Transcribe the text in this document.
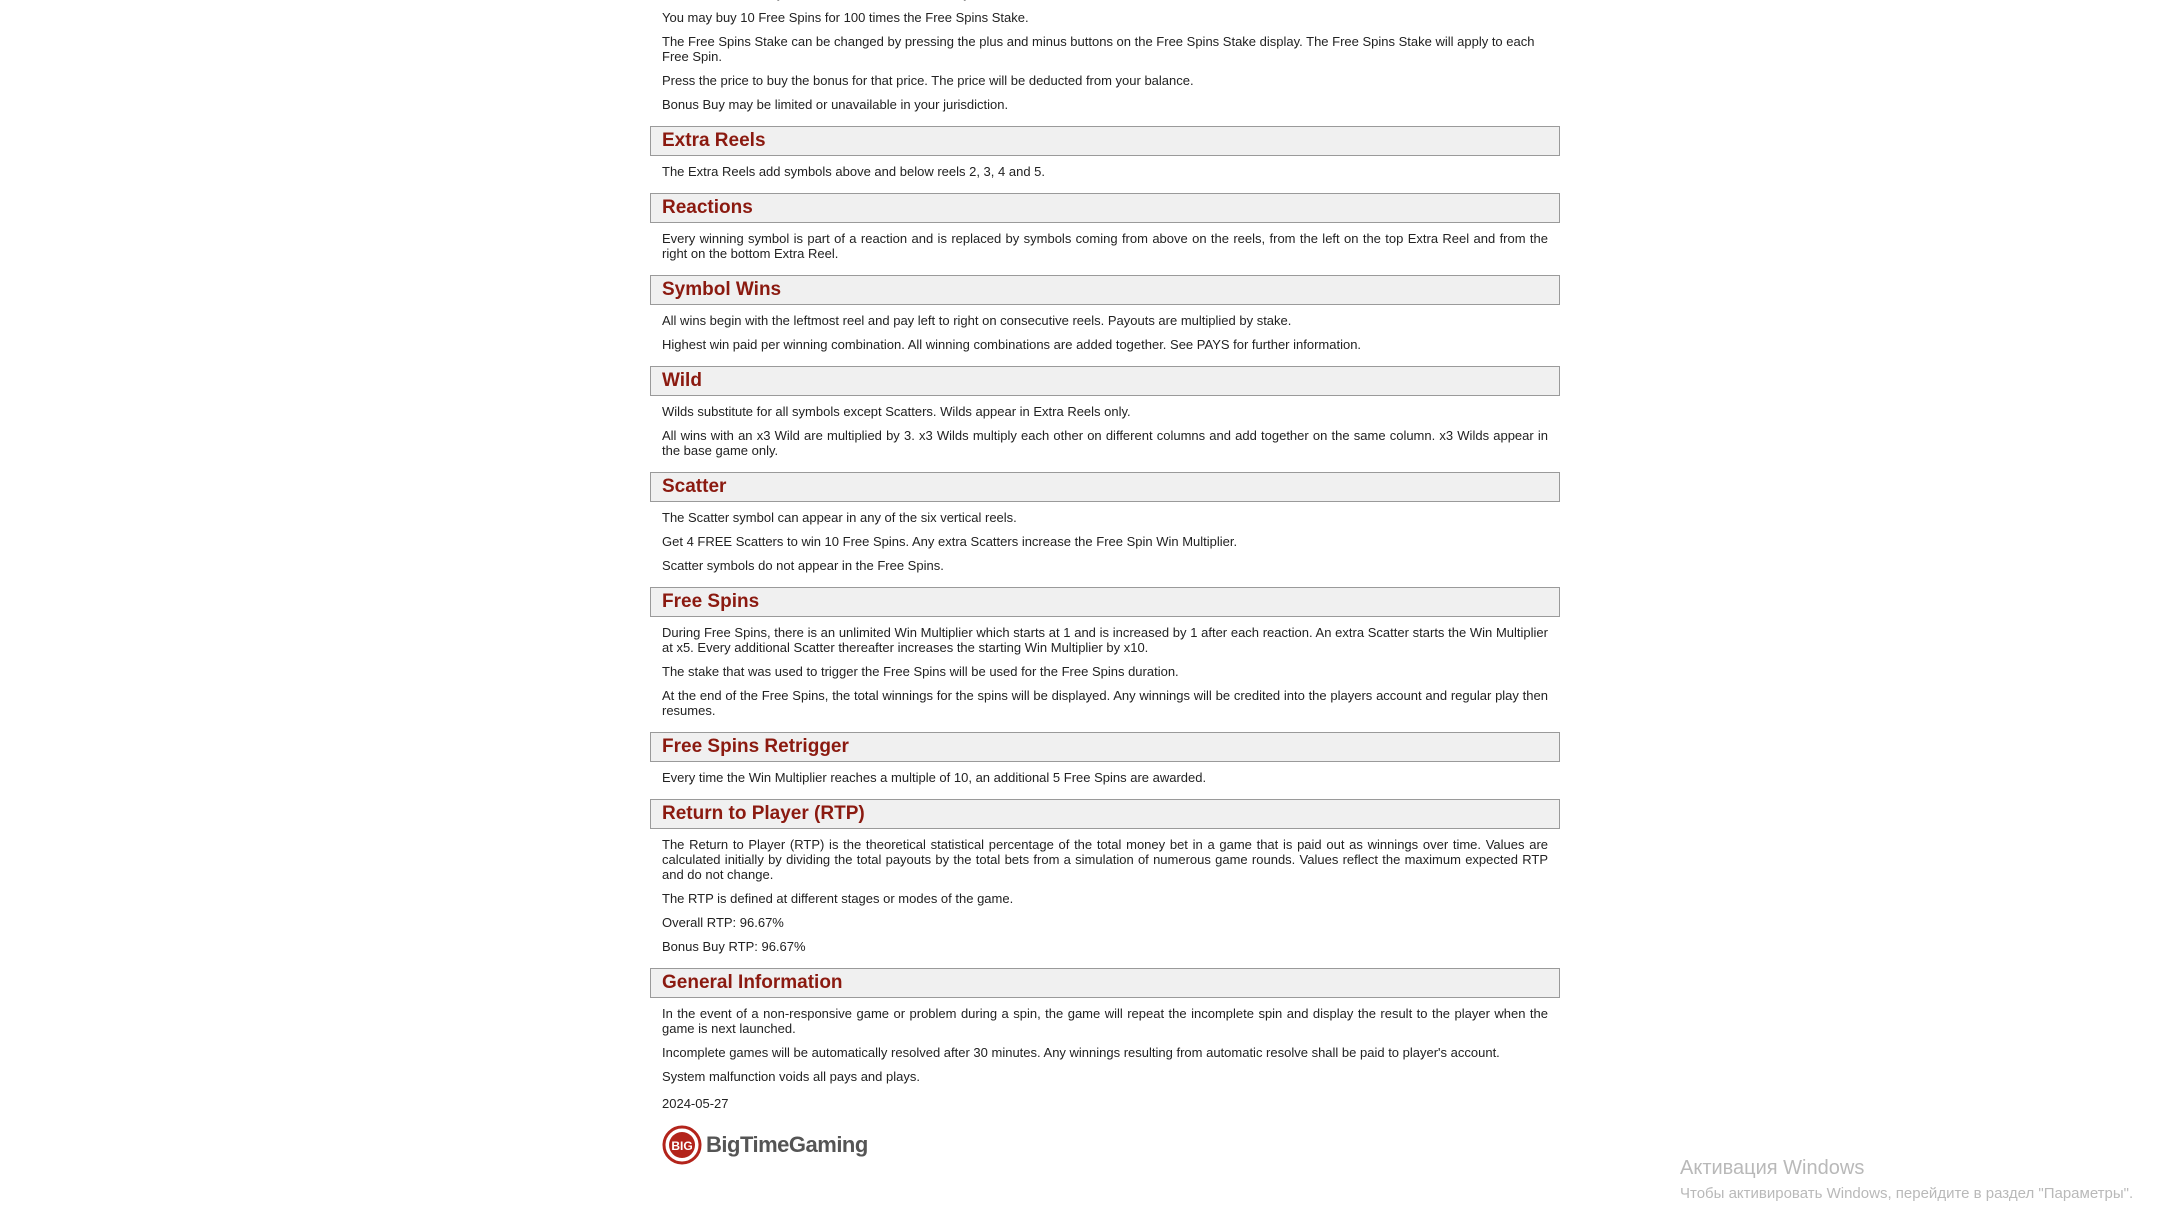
You may buy 10 Free Spins for 100 times the Free Spins Stake.

The Free Spins Stake can be changed by pressing the plus and minus buttons on the Free Spins Stake display. The Free Spins Stake will apply to each Free Spin.

Press the price to buy the bonus for that price. The price will be deducted from your balance.

Bonus Buy may be limited or unavailable in your jurisdiction.

Extra Reels

The Extra Reels add symbols above and below reels 2, 3, 4 and 5.

Reactions

Every winning symbol is part of a reaction and is replaced by symbols coming from above on the reels, from the left on the top Extra Reel and from the right on the bottom Extra Reel.

Symbol Wins

All wins begin with the leftmost reel and pay left to right on consecutive reels. Payouts are multiplied by stake.

Highest win paid per winning combination. All winning combinations are added together. See PAYS for further information.

Wild

Wilds substitute for all symbols except Scatters. Wilds appear in Extra Reels only.

All wins with an x3 Wild are multiplied by 3. x3 Wilds multiply each other on different columns and add together on the same column. x3 Wilds appear in the base game only.

Scatter

The Scatter symbol can appear in any of the six vertical reels.

Get 4 FREE Scatters to win 10 Free Spins. Any extra Scatters increase the Free Spin Win Multiplier.

Scatter symbols do not appear in the Free Spins.

Free Spins

During Free Spins, there is an unlimited Win Multiplier which starts at 1 and is increased by 1 after each reaction. An extra Scatter starts the Win Multiplier at x5. Every additional Scatter thereafter increases the starting Win Multiplier by x10.

The stake that was used to trigger the Free Spins will be used for the Free Spins duration.

At the end of the Free Spins, the total winnings for the spins will be displayed. Any winnings will be credited into the players account and regular play then resumes.

Free Spins Retrigger

Every time the Win Multiplier reaches a multiple of 10, an additional 5 Free Spins are awarded.

Return to Player (RTP)

The Return to Player (RTP) is the theoretical statistical percentage of the total money bet in a game that is paid out as winnings over time. Values are calculated initially by dividing the total payouts by the total bets from a simulation of numerous game rounds. Values reflect the maximum expected RTP and do not change.

The RTP is defined at different stages or modes of the game.

Overall RTP: 96.67%

Bonus Buy RTP: 96.67%

General Information

In the event of a non-responsive game or problem during a spin, the game will repeat the incomplete spin and display the result to the player when the game is next launched.

Incomplete games will be automatically resolved after 30 minutes. Any winnings resulting from automatic resolve shall be paid to player's account.

System malfunction voids all pays and plays.

2024-05-27
BIG BigTimeGaming
Активация Windows
Чтобы активировать Windows, перейдите в раздел "Параметры".
